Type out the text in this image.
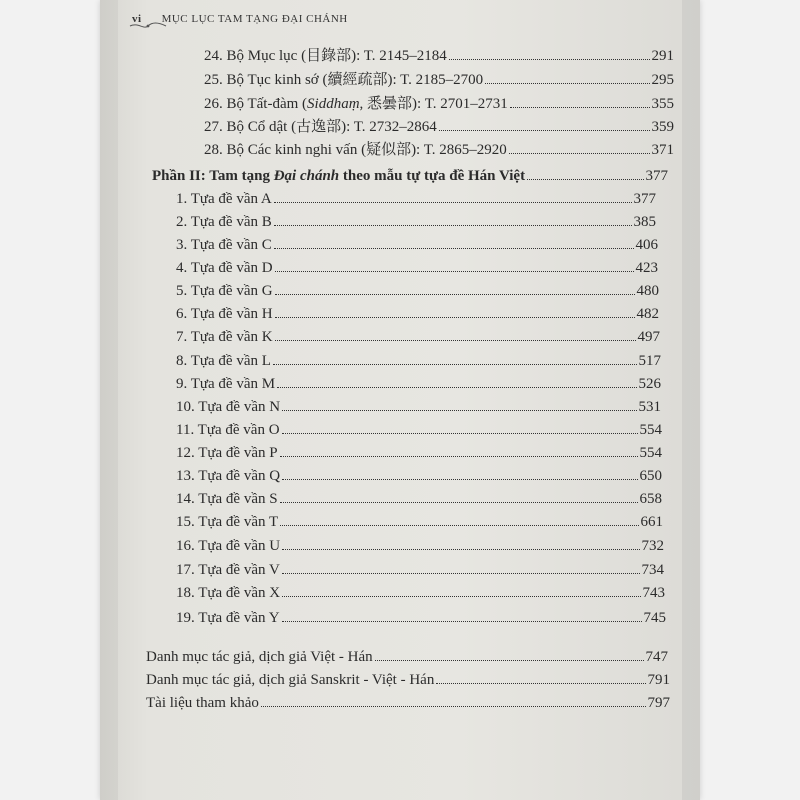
vi MỤC LỤC TAM TẠNG ĐẠI CHÁNH
24. Bộ Mục lục (目錄部): T. 2145–2184	291
25. Bộ Tục kinh sớ (續經疏部): T. 2185–2700	295
26. Bộ Tất-đàm (Siddhaṃ, 悉曇部): T. 2701–2731	355
27. Bộ Cổ dật (古逸部): T. 2732–2864	359
28. Bộ Các kinh nghi vấn (疑似部): T. 2865–2920	371
Phần II: Tam tạng Đại chánh theo mẫu tự tựa đề Hán Việt	377
1. Tựa đề vần A	377
2. Tựa đề vần B	385
3. Tựa đề vần C	406
4. Tựa đề vần D	423
5. Tựa đề vần G	480
6. Tựa đề vần H	482
7. Tựa đề vần K	497
8. Tựa đề vần L	517
9. Tựa đề vần M	526
10. Tựa đề vần N	531
11. Tựa đề vần O	554
12. Tựa đề vần P	554
13. Tựa đề vần Q	650
14. Tựa đề vần S	658
15. Tựa đề vần T	661
16. Tựa đề vần U	732
17. Tựa đề vần V	734
18. Tựa đề vần X	743
19. Tựa đề vần Y	745
Danh mục tác giả, dịch giả Việt - Hán	747
Danh mục tác giả, dịch giả Sanskrit - Việt - Hán	791
Tài liệu tham khảo	797
